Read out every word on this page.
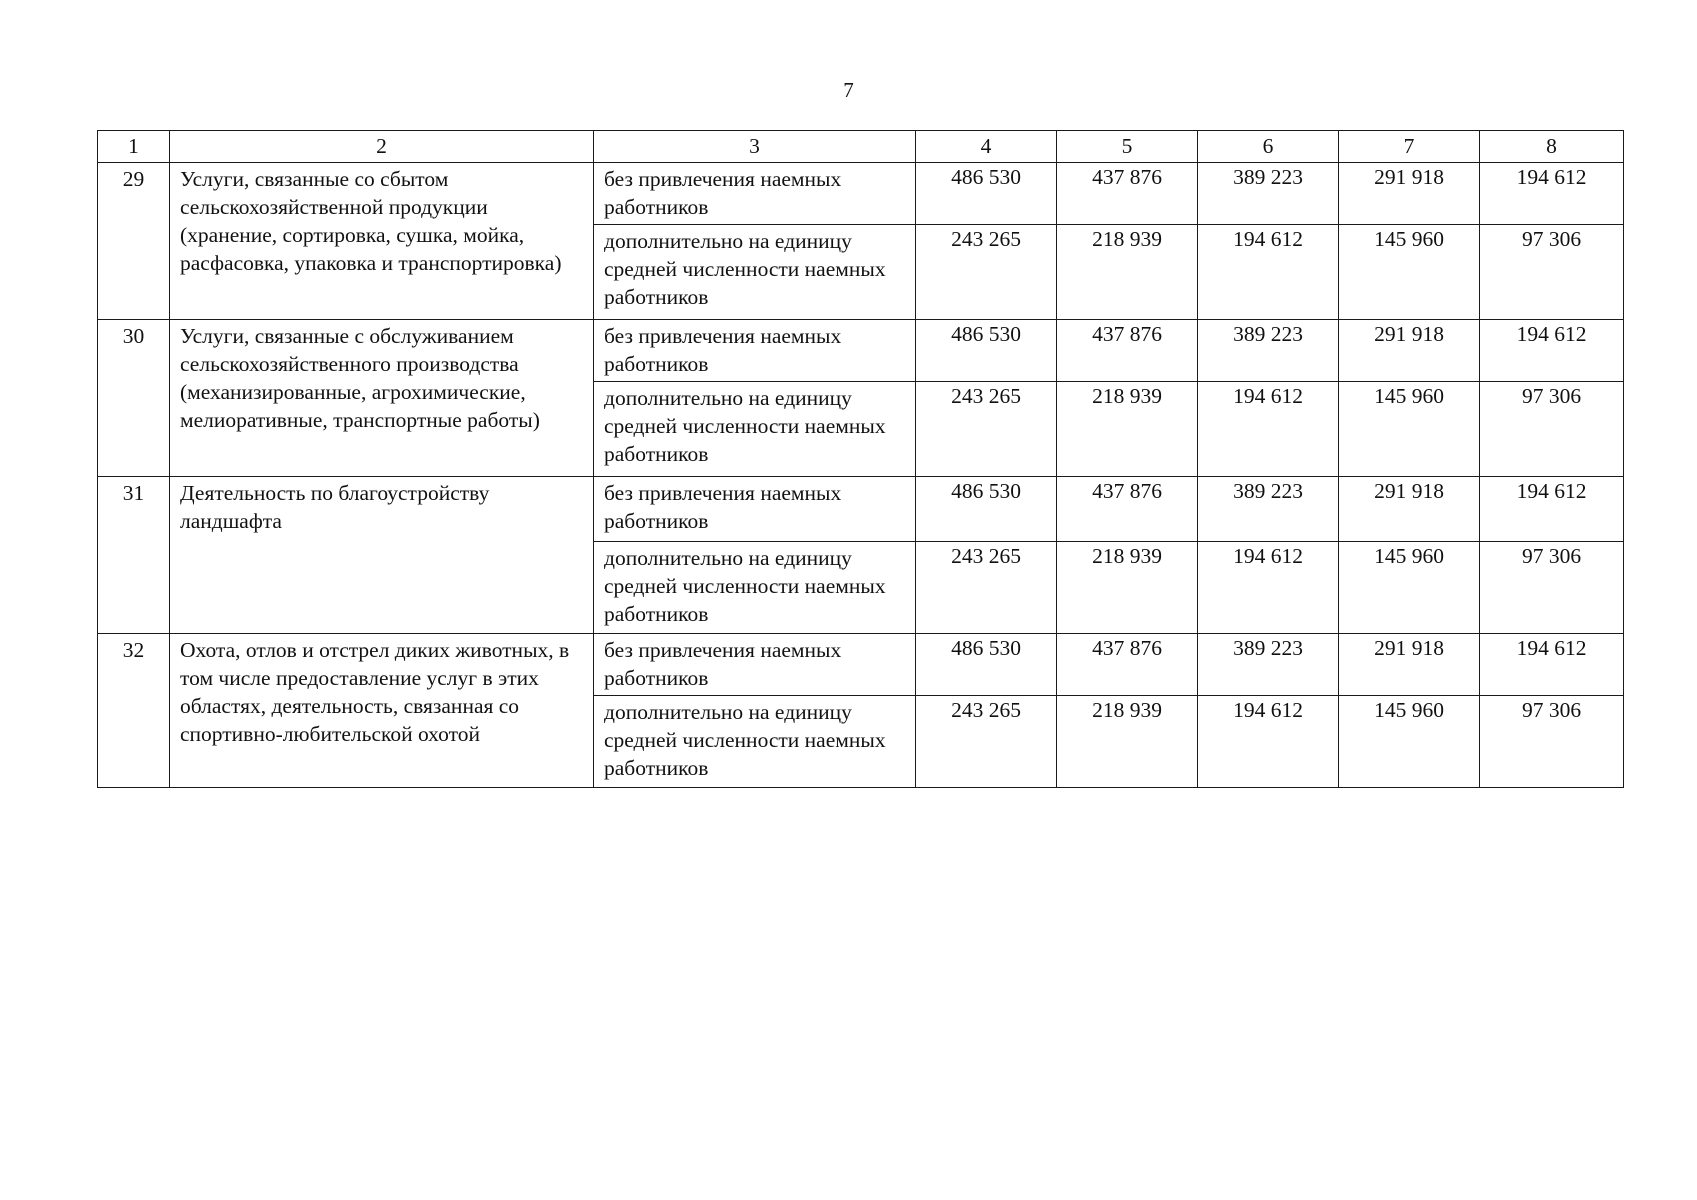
7
1	2	3	4	5	6	7	8
29	Услуги, связанные со сбытом сельскохозяйственной продукции (хранение, сортировка, сушка, мойка, расфасовка, упаковка и транспортировка)	без привлечения наемных работников	486 530	437 876	389 223	291 918	194 612
		дополнительно на единицу средней численности наемных работников	243 265	218 939	194 612	145 960	97 306
30	Услуги, связанные с обслуживанием сельскохозяйственного производства (механизированные, агрохимические, мелиоративные, транспортные работы)	без привлечения наемных работников	486 530	437 876	389 223	291 918	194 612
		дополнительно на единицу средней численности наемных работников	243 265	218 939	194 612	145 960	97 306
31	Деятельность по благоустройству ландшафта	без привлечения наемных работников	486 530	437 876	389 223	291 918	194 612
		дополнительно на единицу средней численности наемных работников	243 265	218 939	194 612	145 960	97 306
32	Охота, отлов и отстрел диких животных, в том числе предоставление услуг в этих областях, деятельность, связанная со спортивно-любительской охотой	без привлечения наемных работников	486 530	437 876	389 223	291 918	194 612
		дополнительно на единицу средней численности наемных работников	243 265	218 939	194 612	145 960	97 306
